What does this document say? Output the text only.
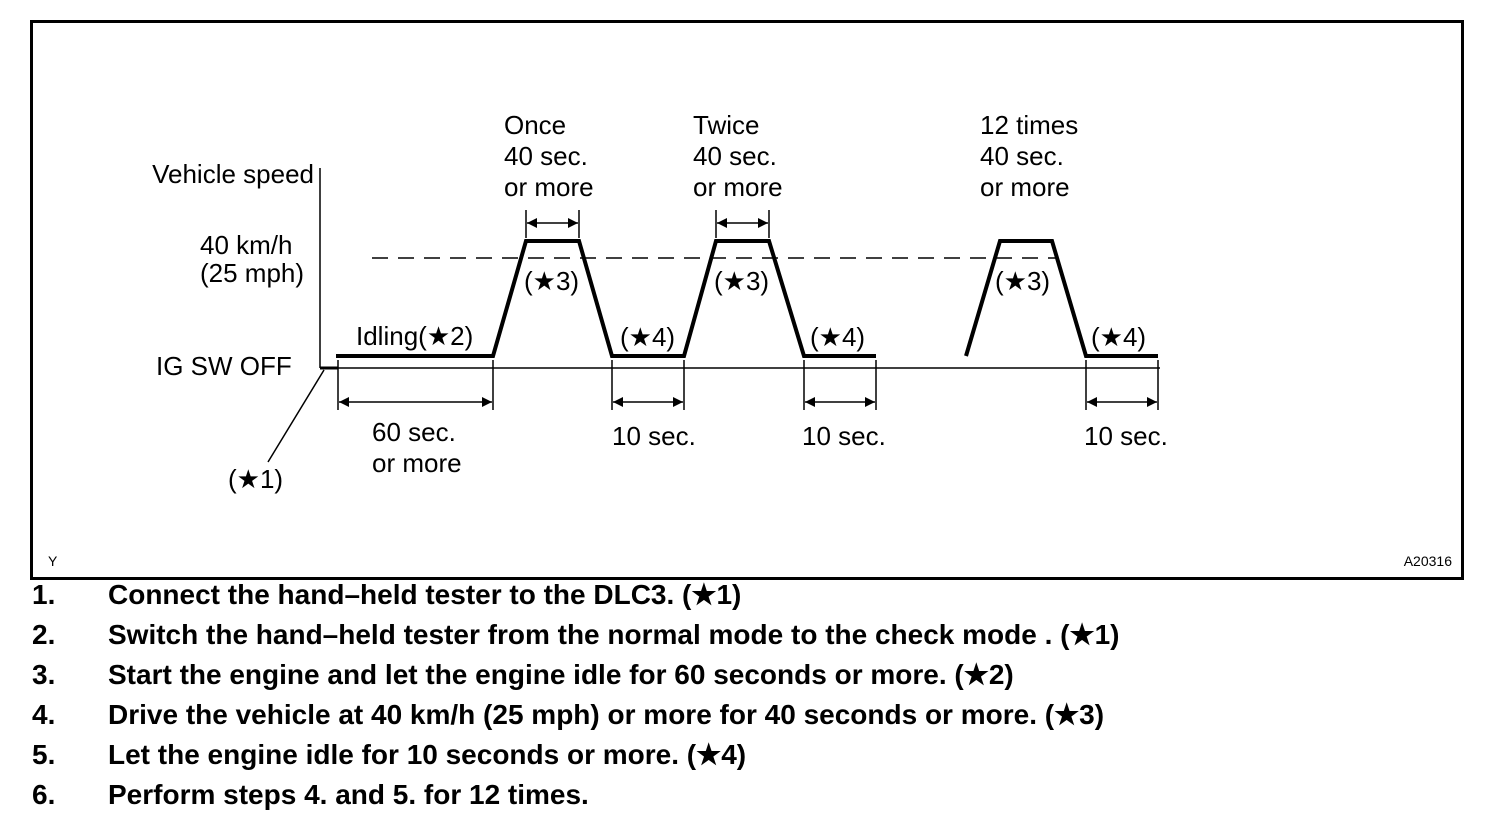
Vehicle speed
40 km/h
(25 mph)
IG SW OFF
Idling(★2)
60 sec.
or more
(★1)
Once
40 sec.
or more
Twice
40 sec.
or more
12 times
40 sec.
or more
(★3)	(★3)	(★3)
(★4)	(★4)	(★4)
10 sec.	10 sec.	10 sec.
Y	A20316
1. Connect the hand–held tester to the DLC3. (★1)
2. Switch the hand–held tester from the normal mode to the check mode . (★1)
3. Start the engine and let the engine idle for 60 seconds or more. (★2)
4. Drive the vehicle at 40 km/h (25 mph) or more for 40 seconds or more. (★3)
5. Let the engine idle for 10 seconds or more. (★4)
6. Perform steps 4. and 5. for 12 times.
